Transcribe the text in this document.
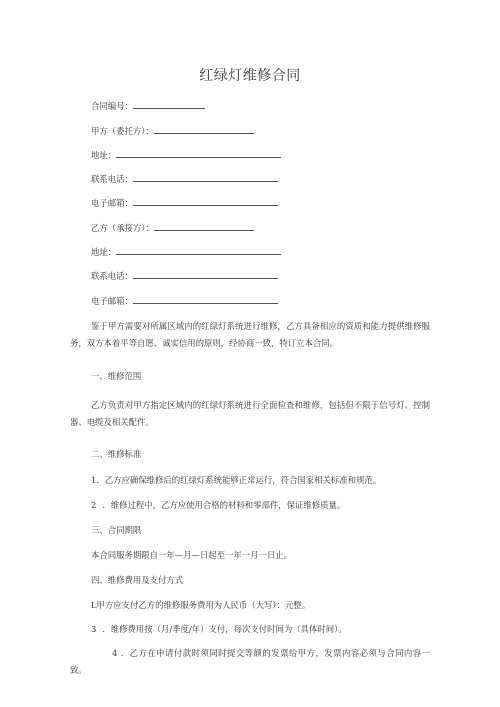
红绿灯维修合同
合同编号：
甲方（委托方）：
地址：
联系电话：
电子邮箱：
乙方（承接方）：
地址：
联系电话：
电子邮箱：
鉴于甲方需要对所属区域内的红绿灯系统进行维修，乙方具备相应的资质和能力提供维修服务，双方本着平等自愿、诚实信用的原则，经协商一致，特订立本合同。
一、维修范围
乙方负责对甲方指定区域内的红绿灯系统进行全面检查和维修，包括但不限于信号灯、控制器、电缆及相关配件。
二、维修标准
1．乙方应确保维修后的红绿灯系统能够正常运行，符合国家相关标准和规范。
2 ．维修过程中，乙方应使用合格的材料和零部件，保证维修质量。
三、合同期限
本合同服务期限自一年—月—日起至一年一月一日止。
四、维修费用及支付方式
L甲方应支付乙方的维修服务费用为人民币（大写）：元整。
3 ．维修费用按（月/季度/年）支付，每次支付时间为（具体时间）。
4 ．乙方在申请付款时须同时提交等额的发票给甲方，发票内容必须与合同内容一致。
